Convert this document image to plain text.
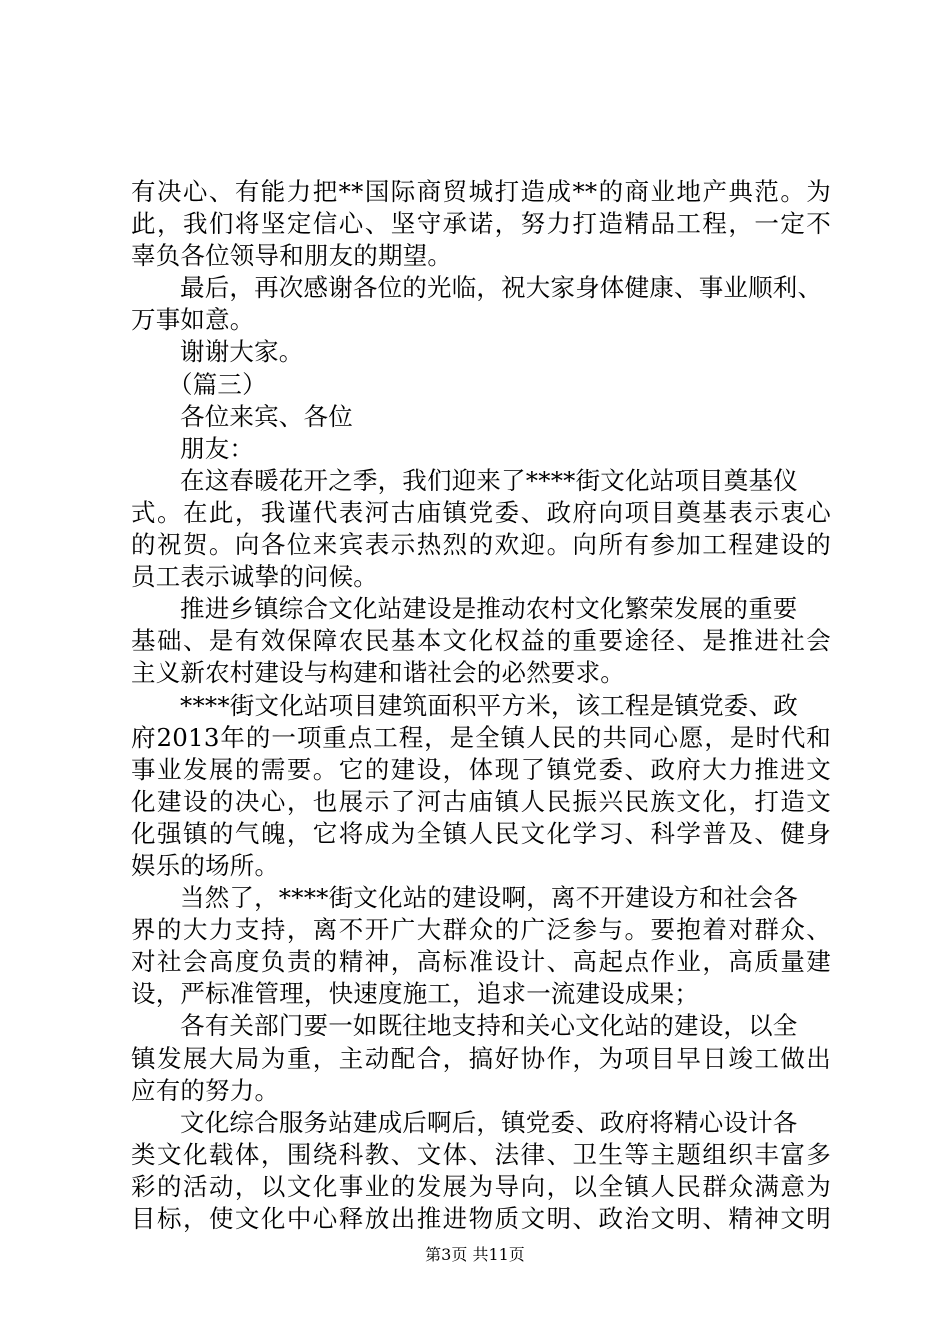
有决心、有能力把**国际商贸城打造成**的商业地产典范。为
此，我们将坚定信心、坚守承诺，努力打造精品工程，一定不
辜负各位领导和朋友的期望。
最后，再次感谢各位的光临，祝大家身体健康、事业顺利、
万事如意。
谢谢大家。
（篇三）
各位来宾、各位
朋友：
在这春暖花开之季，我们迎来了****街文化站项目奠基仪
式。在此，我谨代表河古庙镇党委、政府向项目奠基表示衷心
的祝贺。向各位来宾表示热烈的欢迎。向所有参加工程建设的
员工表示诚挚的问候。
推进乡镇综合文化站建设是推动农村文化繁荣发展的重要
基础、是有效保障农民基本文化权益的重要途径、是推进社会
主义新农村建设与构建和谐社会的必然要求。
****街文化站项目建筑面积平方米，该工程是镇党委、政
府2013年的一项重点工程，是全镇人民的共同心愿，是时代和
事业发展的需要。它的建设，体现了镇党委、政府大力推进文
化建设的决心，也展示了河古庙镇人民振兴民族文化，打造文
化强镇的气魄，它将成为全镇人民文化学习、科学普及、健身
娱乐的场所。
当然了，****街文化站的建设啊，离不开建设方和社会各
界的大力支持，离不开广大群众的广泛参与。要抱着对群众、
对社会高度负责的精神，高标准设计、高起点作业，高质量建
设，严标准管理，快速度施工，追求一流建设成果；
各有关部门要一如既往地支持和关心文化站的建设，以全
镇发展大局为重，主动配合，搞好协作，为项目早日竣工做出
应有的努力。
文化综合服务站建成后啊后，镇党委、政府将精心设计各
类文化载体，围绕科教、文体、法律、卫生等主题组织丰富多
彩的活动，以文化事业的发展为导向，以全镇人民群众满意为
目标，使文化中心释放出推进物质文明、政治文明、精神文明
第3页 共11页
